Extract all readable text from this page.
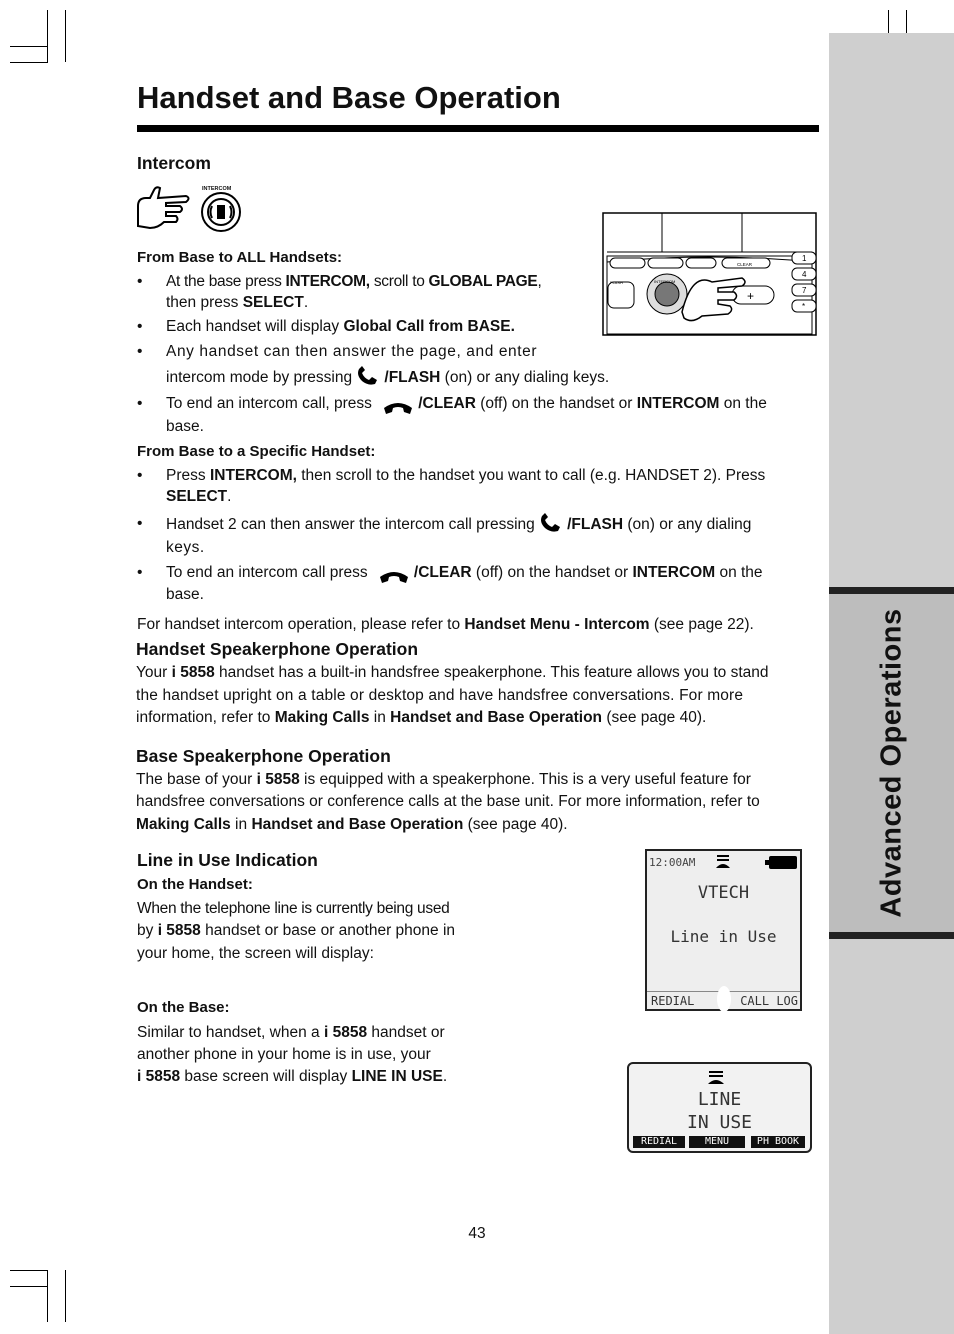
Advanced Operations
Handset and Base Operation
Intercom
INTERCOM
CLEAR
FLASH	INTERCOM
+
1
4
7
*
From Base to ALL Handsets:
• At the base press INTERCOM, scroll to GLOBAL PAGE,
then press SELECT.
• Each handset will display Global Call from BASE.
• Any handset can then answer the page, and enter
intercom mode by pressing /FLASH (on) or any dialing keys.
• To end an intercom call, press	/CLEAR (off) on the handset or INTERCOM on the
base.
From Base to a Specific Handset:
• Press INTERCOM, then scroll to the handset you want to call (e.g. HANDSET 2). Press
SELECT.
• Handset 2 can then answer the intercom call pressing /FLASH (on) or any dialing
keys.
• To end an intercom call press	/CLEAR (off) on the handset or INTERCOM on the
base.
For handset intercom operation, please refer to Handset Menu - Intercom (see page 22).
Handset Speakerphone Operation
Your i 5858 handset has a built-in handsfree speakerphone. This feature allows you to stand
the handset upright on a table or desktop and have handsfree conversations. For more
information, refer to Making Calls in Handset and Base Operation (see page 40).
Base Speakerphone Operation
The base of your i 5858 is equipped with a speakerphone. This is a very useful feature for
handsfree conversations or conference calls at the base unit. For more information, refer to
Making Calls in Handset and Base Operation (see page 40).
Line in Use Indication
On the Handset:
When the telephone line is currently being used
by i 5858 handset or base or another phone in
your home, the screen will display:
On the Base:
Similar to handset, when a i 5858 handset or
another phone in your home is in use, your
i 5858 base screen will display LINE IN USE.
12:00AM
VTECH
Line in Use
REDIAL	CALL LOG
LINE
IN USE
REDIAL	MENU	PH BOOK
43
